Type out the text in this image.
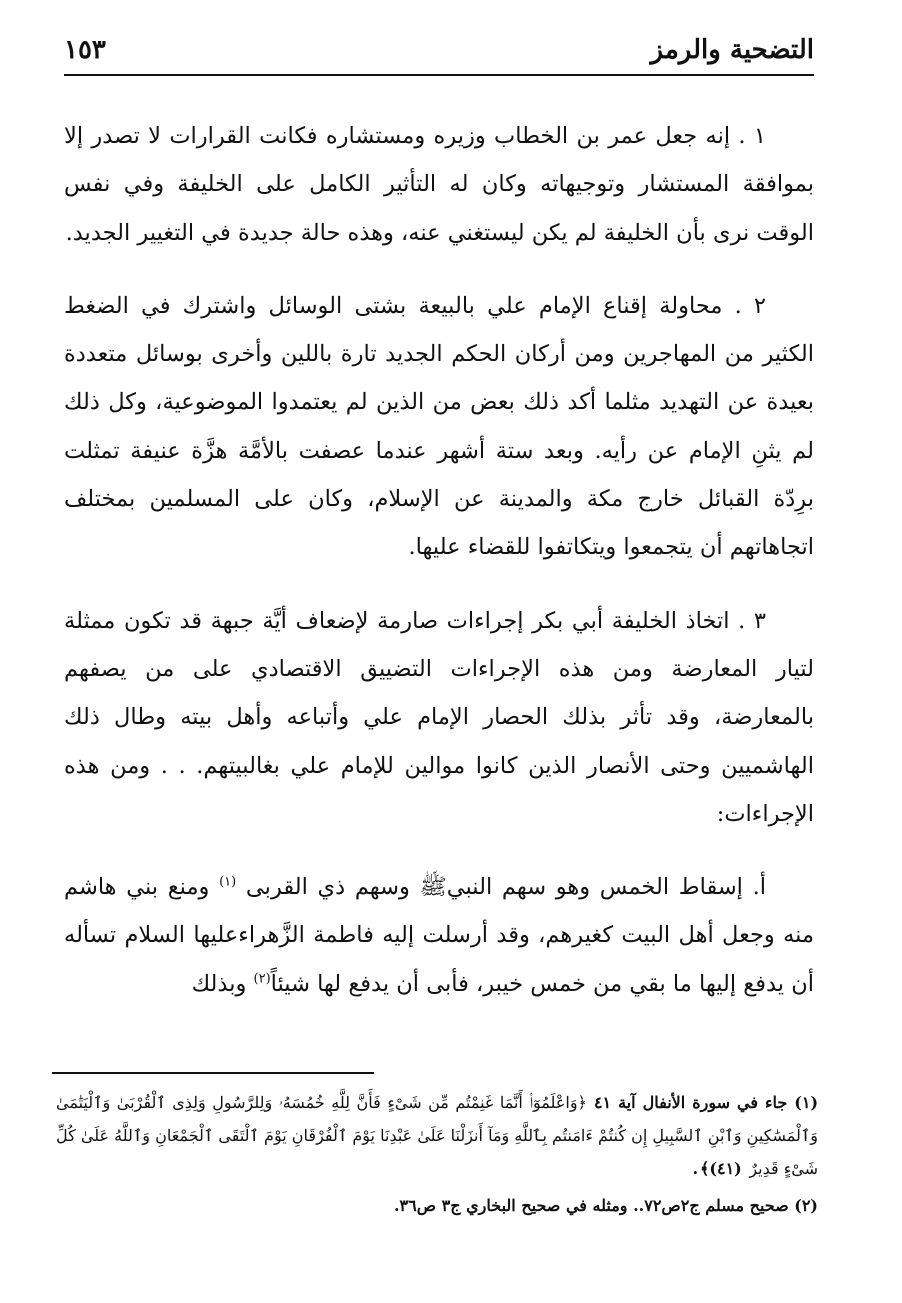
التضحية والرمز
١٥٣

١ . إنه جعل عمر بن الخطاب وزيره ومستشاره فكانت القرارات لا تصدر إلا بموافقة المستشار وتوجيهاته وكان له التأثير الكامل على الخليفة وفي نفس الوقت نرى بأن الخليفة لم يكن ليستغني عنه، وهذه حالة جديدة في التغيير الجديد.

٢ . محاولة إقناع الإمام علي بالبيعة بشتى الوسائل واشترك في الضغط الكثير من المهاجرين ومن أركان الحكم الجديد تارة باللين وأخرى بوسائل متعددة بعيدة عن التهديد مثلما أكد ذلك بعض من الذين لم يعتمدوا الموضوعية، وكل ذلك لم يثنِ الإمام عن رأيه. وبعد ستة أشهر عندما عصفت بالأمَّة هزَّة عنيفة تمثلت برِدّة القبائل خارج مكة والمدينة عن الإسلام، وكان على المسلمين بمختلف اتجاهاتهم أن يتجمعوا ويتكاتفوا للقضاء عليها.

٣ . اتخاذ الخليفة أبي بكر إجراءات صارمة لإضعاف أيَّة جبهة قد تكون ممثلة لتيار المعارضة ومن هذه الإجراءات التضييق الاقتصادي على من يصفهم بالمعارضة، وقد تأثر بذلك الحصار الإمام علي وأتباعه وأهل بيته وطال ذلك الهاشميين وحتى الأنصار الذين كانوا موالين للإمام علي بغالبيتهم. . . ومن هذه الإجراءات:

أ. إسقاط الخمس وهو سهم النبيﷺ وسهم ذي القربى $^{(١)}$ ومنع بني هاشم منه وجعل أهل البيت كغيرهم، وقد أرسلت إليه فاطمة الزَّهراءعليها السلام تسأله أن يدفع إليها ما بقي من خمس خيبر، فأبى أن يدفع لها شيئاً$^{(٢)}$ وبذلك

(١) جاء في سورة الأنفال آية ٤١ ﴿وَاعْلَمُوٓا۟ أَنَّمَا غَنِمْتُم مِّن شَىْءٍ فَأَنَّ لِلَّهِ خُمُسَهُۥ وَلِلرَّسُولِ وَلِذِى ٱلْقُرْبَىٰ وَٱلْيَتَٰمَىٰ وَٱلْمَسَٰكِينِ وَٱبْنِ ٱلسَّبِيلِ إِن كُنتُمْ ءَامَنتُم بِٱللَّهِ وَمَآ أَنزَلْنَا عَلَىٰ عَبْدِنَا يَوْمَ ٱلْفُرْقَانِ يَوْمَ ٱلْتَقَى ٱلْجَمْعَانِ وَٱللَّهُ عَلَىٰ كُلِّ شَىْءٍ قَدِيرٌ (٤١)﴾.

(٢) صحيح مسلم ج٢ص٧٢.. ومثله في صحيح البخاري ج٣ ص٣٦.
